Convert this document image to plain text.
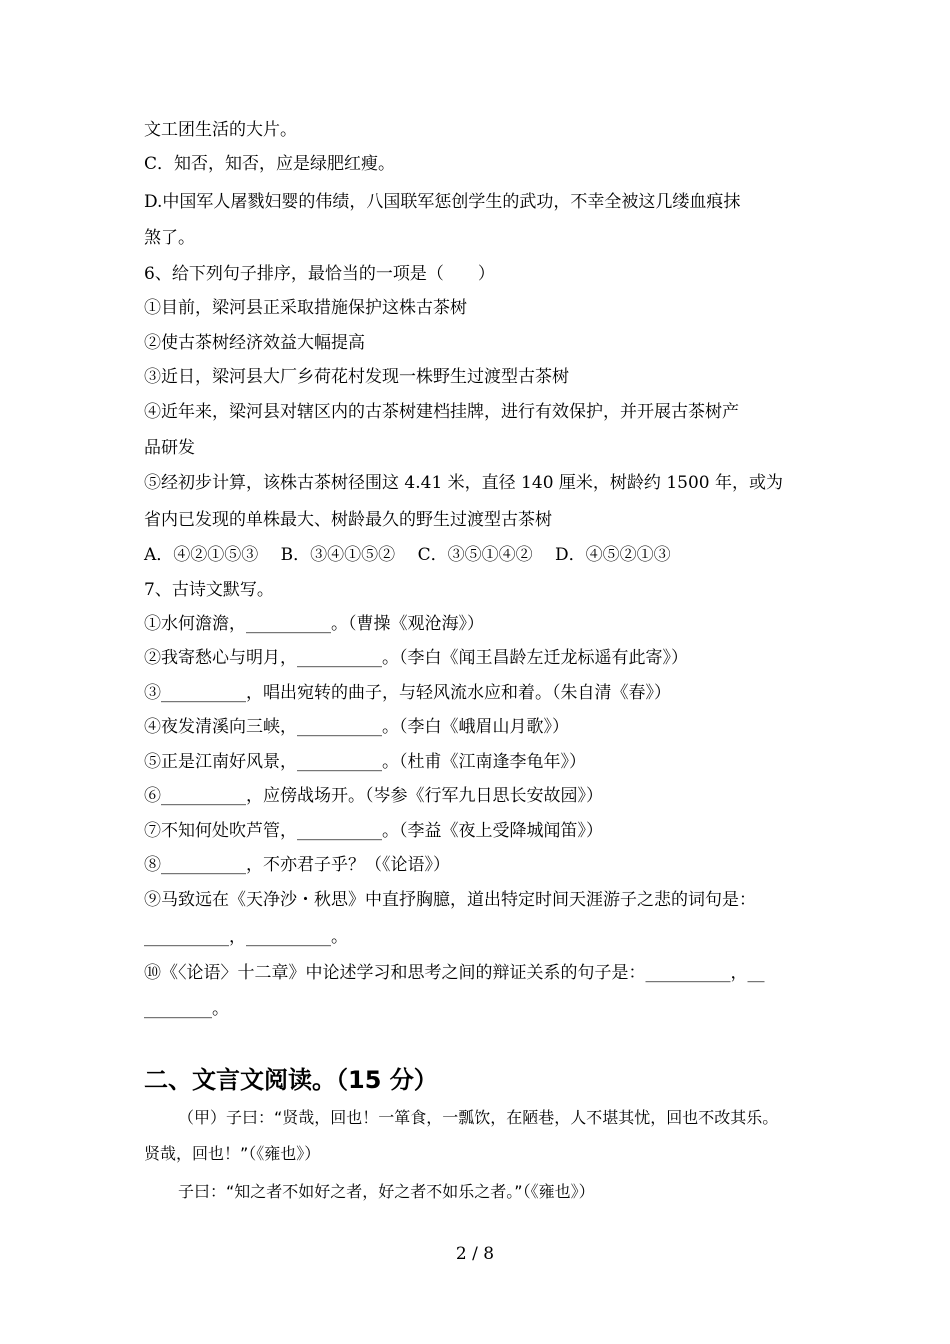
文工团生活的大片。
C．知否，知否，应是绿肥红瘦。
D.中国军人屠戮妇婴的伟绩，八国联军惩创学生的武功，不幸全被这几缕血痕抹
煞了。
6、给下列句子排序，最恰当的一项是（　　）
①目前，梁河县正采取措施保护这株古茶树
②使古茶树经济效益大幅提高
③近日，梁河县大厂乡荷花村发现一株野生过渡型古茶树
④近年来，梁河县对辖区内的古茶树建档挂牌，进行有效保护，并开展古茶树产
品研发
⑤经初步计算，该株古茶树径围这 4.41 米，直径 140 厘米，树龄约 1500 年，或为
省内已发现的单株最大、树龄最久的野生过渡型古茶树
A．④②①⑤③　 B．③④①⑤②　 C．③⑤①④②　 D．④⑤②①③
7、古诗文默写。
①水何澹澹，__________。（曹操《观沧海》）
②我寄愁心与明月，__________。（李白《闻王昌龄左迁龙标遥有此寄》）
③__________，唱出宛转的曲子，与轻风流水应和着。（朱自清《春》）
④夜发清溪向三峡，__________。（李白《峨眉山月歌》）
⑤正是江南好风景，__________。（杜甫《江南逢李龟年》）
⑥__________，应傍战场开。（岑参《行军九日思长安故园》）
⑦不知何处吹芦管，__________。（李益《夜上受降城闻笛》）
⑧__________，不亦君子乎？（《论语》）
⑨马致远在《天净沙・秋思》中直抒胸臆，道出特定时间天涯游子之悲的词句是：
__________，__________。
⑩《〈论语〉十二章》中论述学习和思考之间的辩证关系的句子是：__________，__
________。
二、文言文阅读。（15 分）
（甲）子曰：“贤哉，回也！一箪食，一瓢饮，在陋巷，人不堪其忧，回也不改其乐。
贤哉，回也！”（《雍也》）
子曰：“知之者不如好之者，好之者不如乐之者。”（《雍也》）
2 / 8
